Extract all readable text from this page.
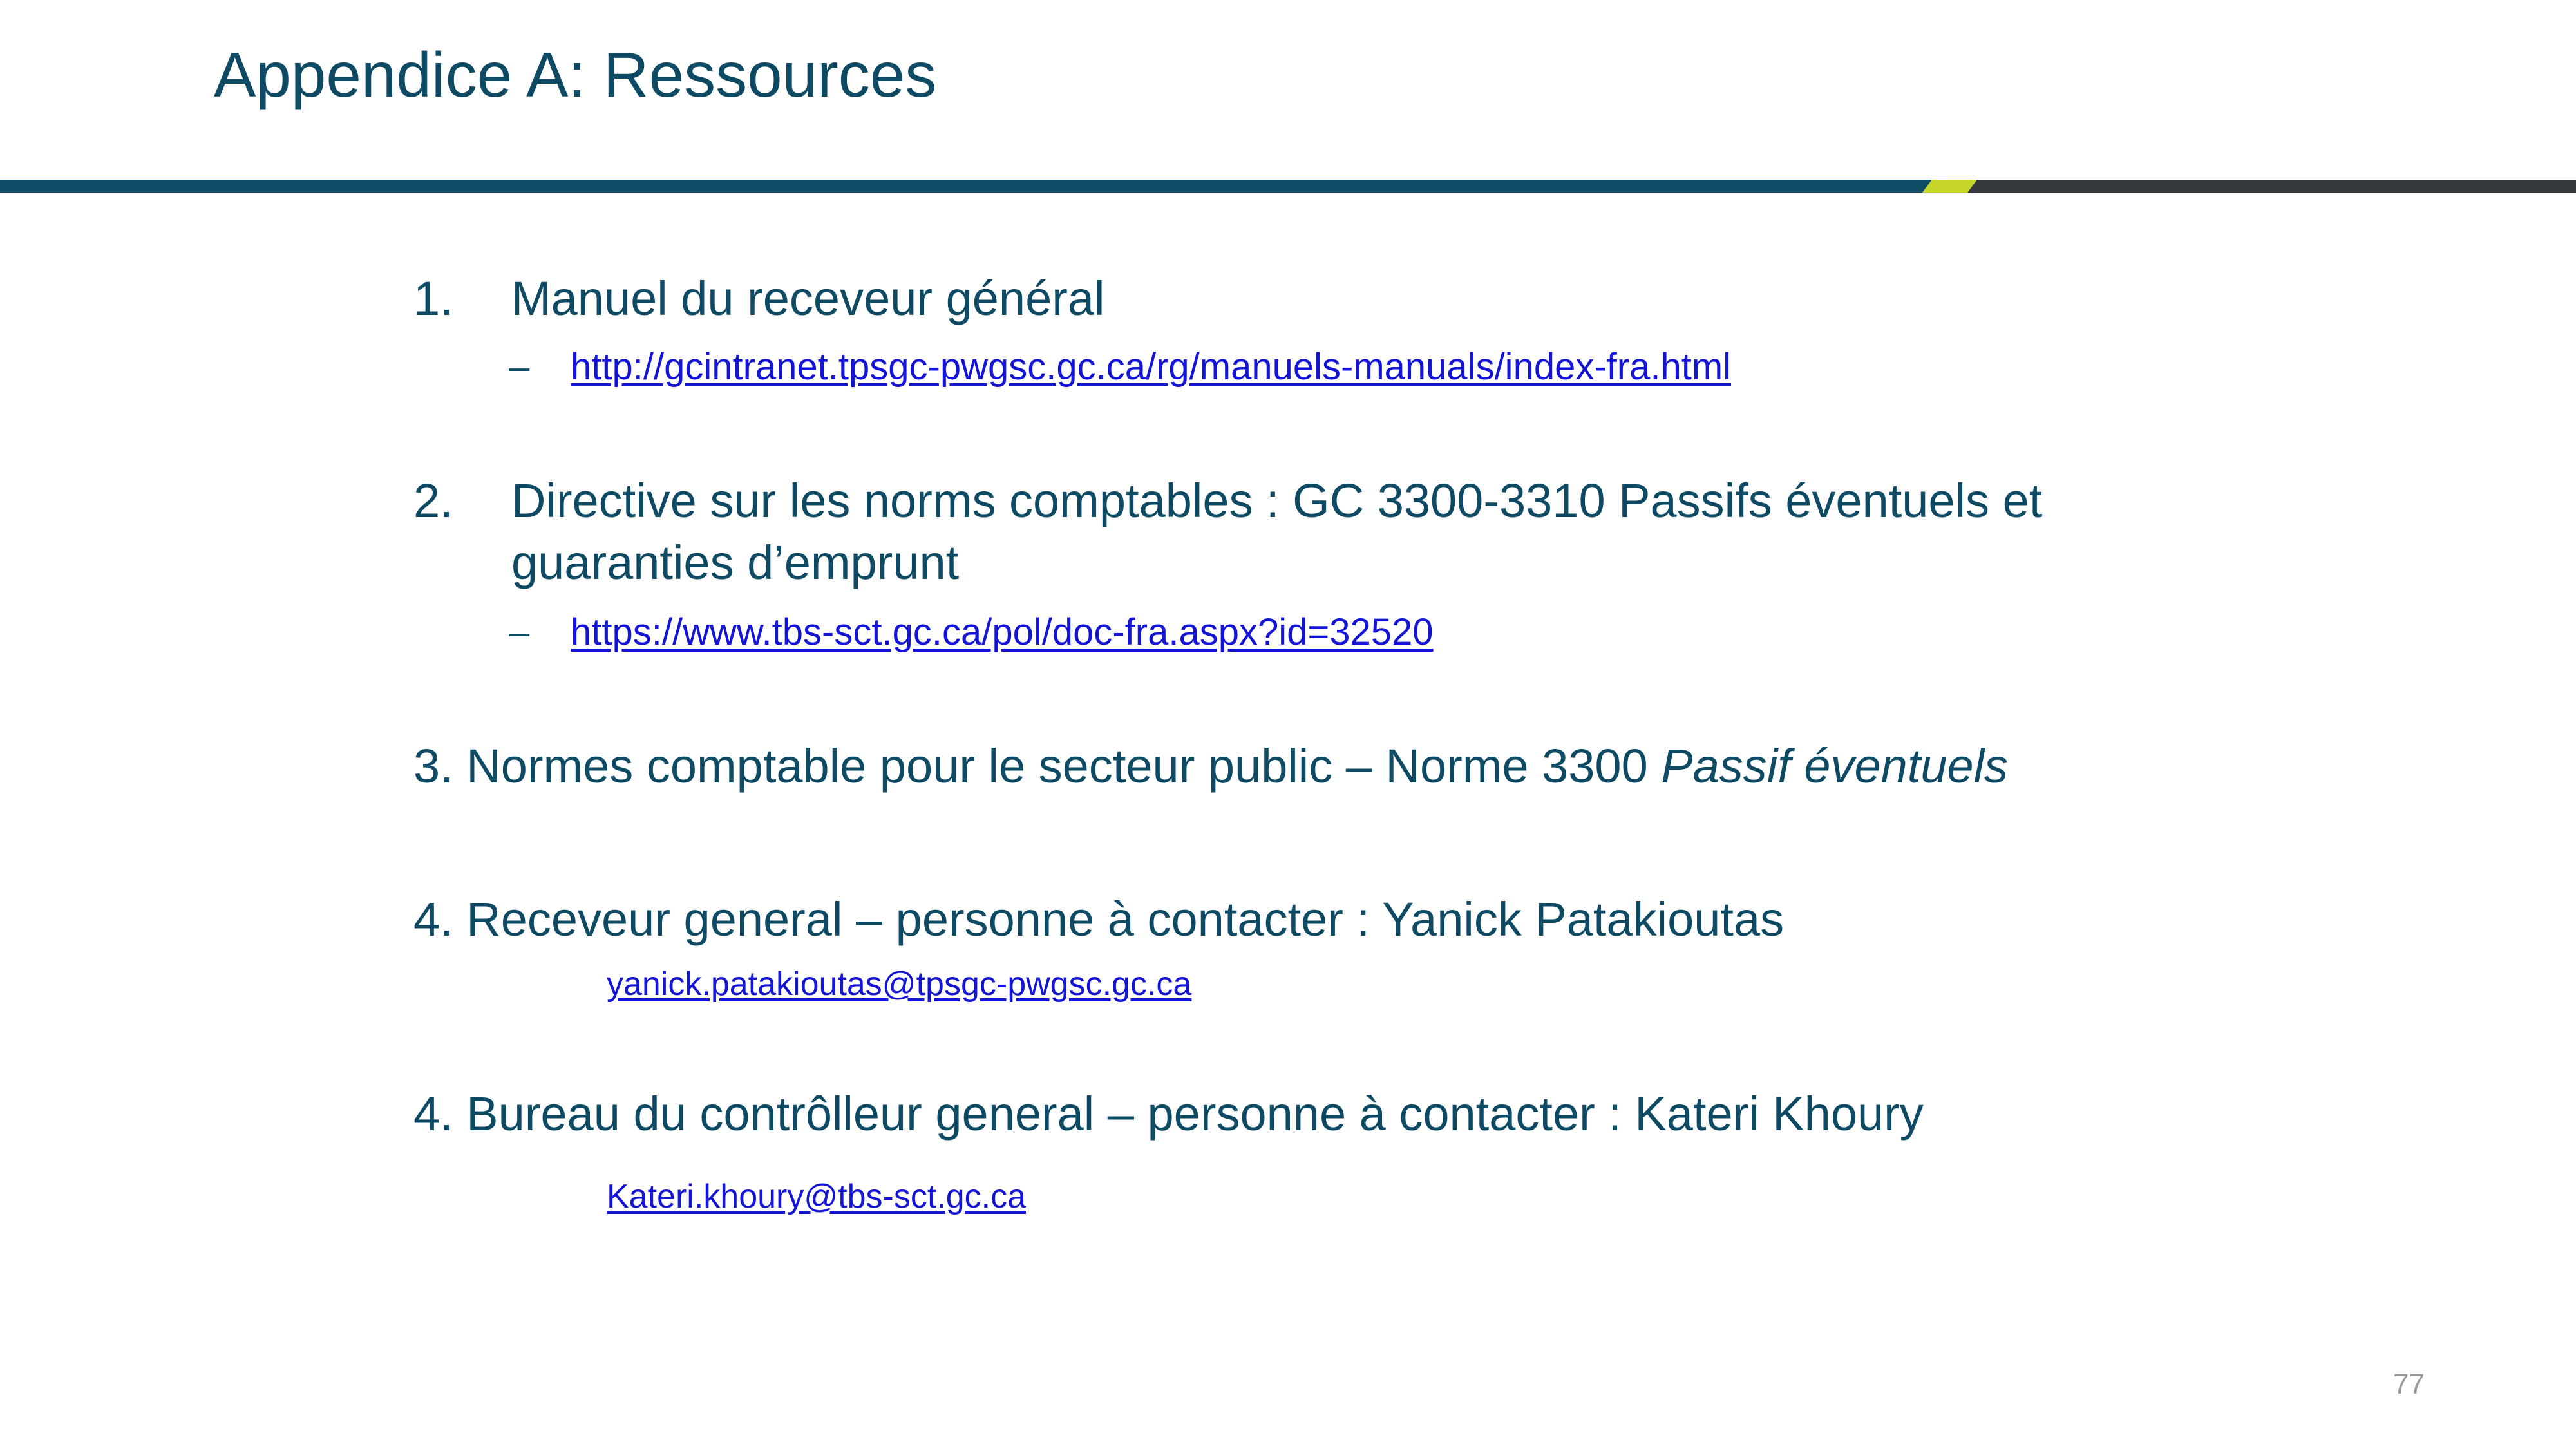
Appendice A: Ressources
1. Manuel du receveur général
– http://gcintranet.tpsgc-pwgsc.gc.ca/rg/manuels-manuals/index-fra.html
2. Directive sur les norms comptables : GC 3300-3310 Passifs éventuels et
guaranties d’emprunt
– https://www.tbs-sct.gc.ca/pol/doc-fra.aspx?id=32520
3. Normes comptable pour le secteur public – Norme 3300 Passif éventuels
4. Receveur general – personne à contacter : Yanick Patakioutas
yanick.patakioutas@tpsgc-pwgsc.gc.ca
4. Bureau du contrôlleur general – personne à contacter : Kateri Khoury
Kateri.khoury@tbs-sct.gc.ca
77
